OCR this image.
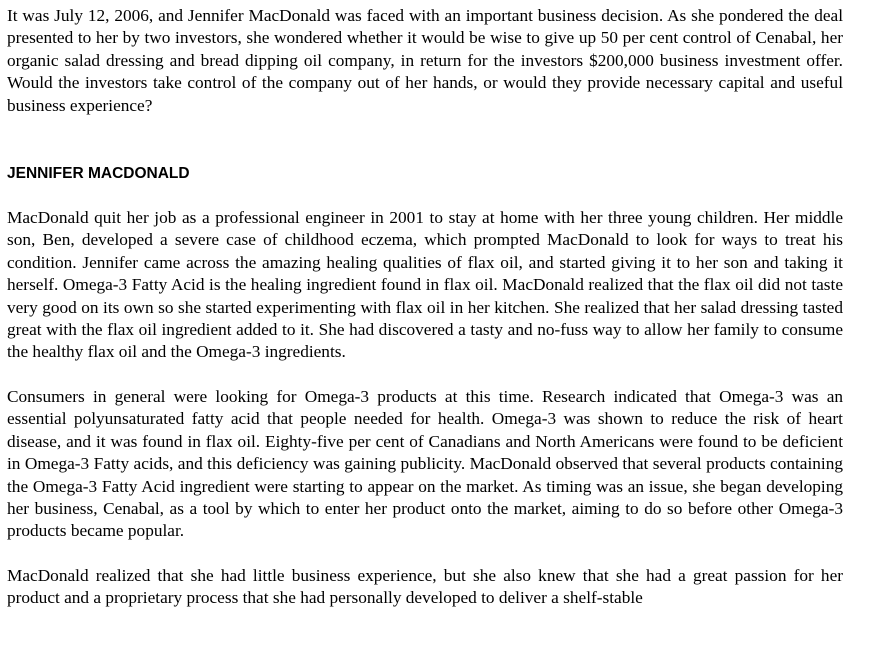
It was July 12, 2006, and Jennifer MacDonald was faced with an important business decision. As she pondered the deal presented to her by two investors, she wondered whether it would be wise to give up 50 per cent control of Cenabal, her organic salad dressing and bread dipping oil company, in return for the investors $200,000 business investment offer. Would the investors take control of the company out of her hands, or would they provide necessary capital and useful business experience?

JENNIFER MACDONALD

MacDonald quit her job as a professional engineer in 2001 to stay at home with her three young children. Her middle son, Ben, developed a severe case of childhood eczema, which prompted MacDonald to look for ways to treat his condition. Jennifer came across the amazing healing qualities of flax oil, and started giving it to her son and taking it herself. Omega-3 Fatty Acid is the healing ingredient found in flax oil. MacDonald realized that the flax oil did not taste very good on its own so she started experimenting with flax oil in her kitchen. She realized that her salad dressing tasted great with the flax oil ingredient added to it. She had discovered a tasty and no-fuss way to allow her family to consume the healthy flax oil and the Omega-3 ingredients.

Consumers in general were looking for Omega-3 products at this time. Research indicated that Omega-3 was an essential polyunsaturated fatty acid that people needed for health. Omega-3 was shown to reduce the risk of heart disease, and it was found in flax oil. Eighty-five per cent of Canadians and North Americans were found to be deficient in Omega-3 Fatty acids, and this deficiency was gaining publicity. MacDonald observed that several products containing the Omega-3 Fatty Acid ingredient were starting to appear on the market. As timing was an issue, she began developing her business, Cenabal, as a tool by which to enter her product onto the market, aiming to do so before other Omega-3 products became popular.

MacDonald realized that she had little business experience, but she also knew that she had a great passion for her product and a proprietary process that she had personally developed to deliver a shelf-stable
